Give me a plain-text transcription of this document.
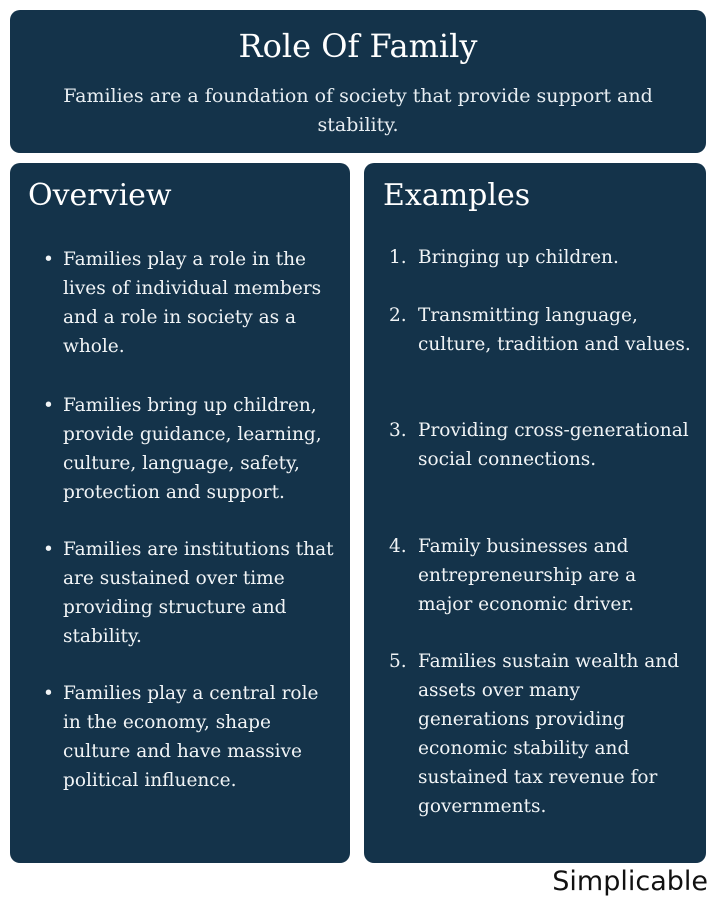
Role Of Family
Families are a foundation of society that provide support and stability.
Overview	Examples
• Families play a role in the lives of individual members and a role in society as a whole.
• Families bring up children, provide guidance, learning, culture, language, safety, protection and support.
• Families are institutions that are sustained over time providing structure and stability.
• Families play a central role in the economy, shape culture and have massive political influence.
1. Bringing up children.
2. Transmitting language, culture, tradition and values.
3. Providing cross-generational social connections.
4. Family businesses and entrepreneurship are a major economic driver.
5. Families sustain wealth and assets over many generations providing economic stability and sustained tax revenue for governments.
Simplicable
